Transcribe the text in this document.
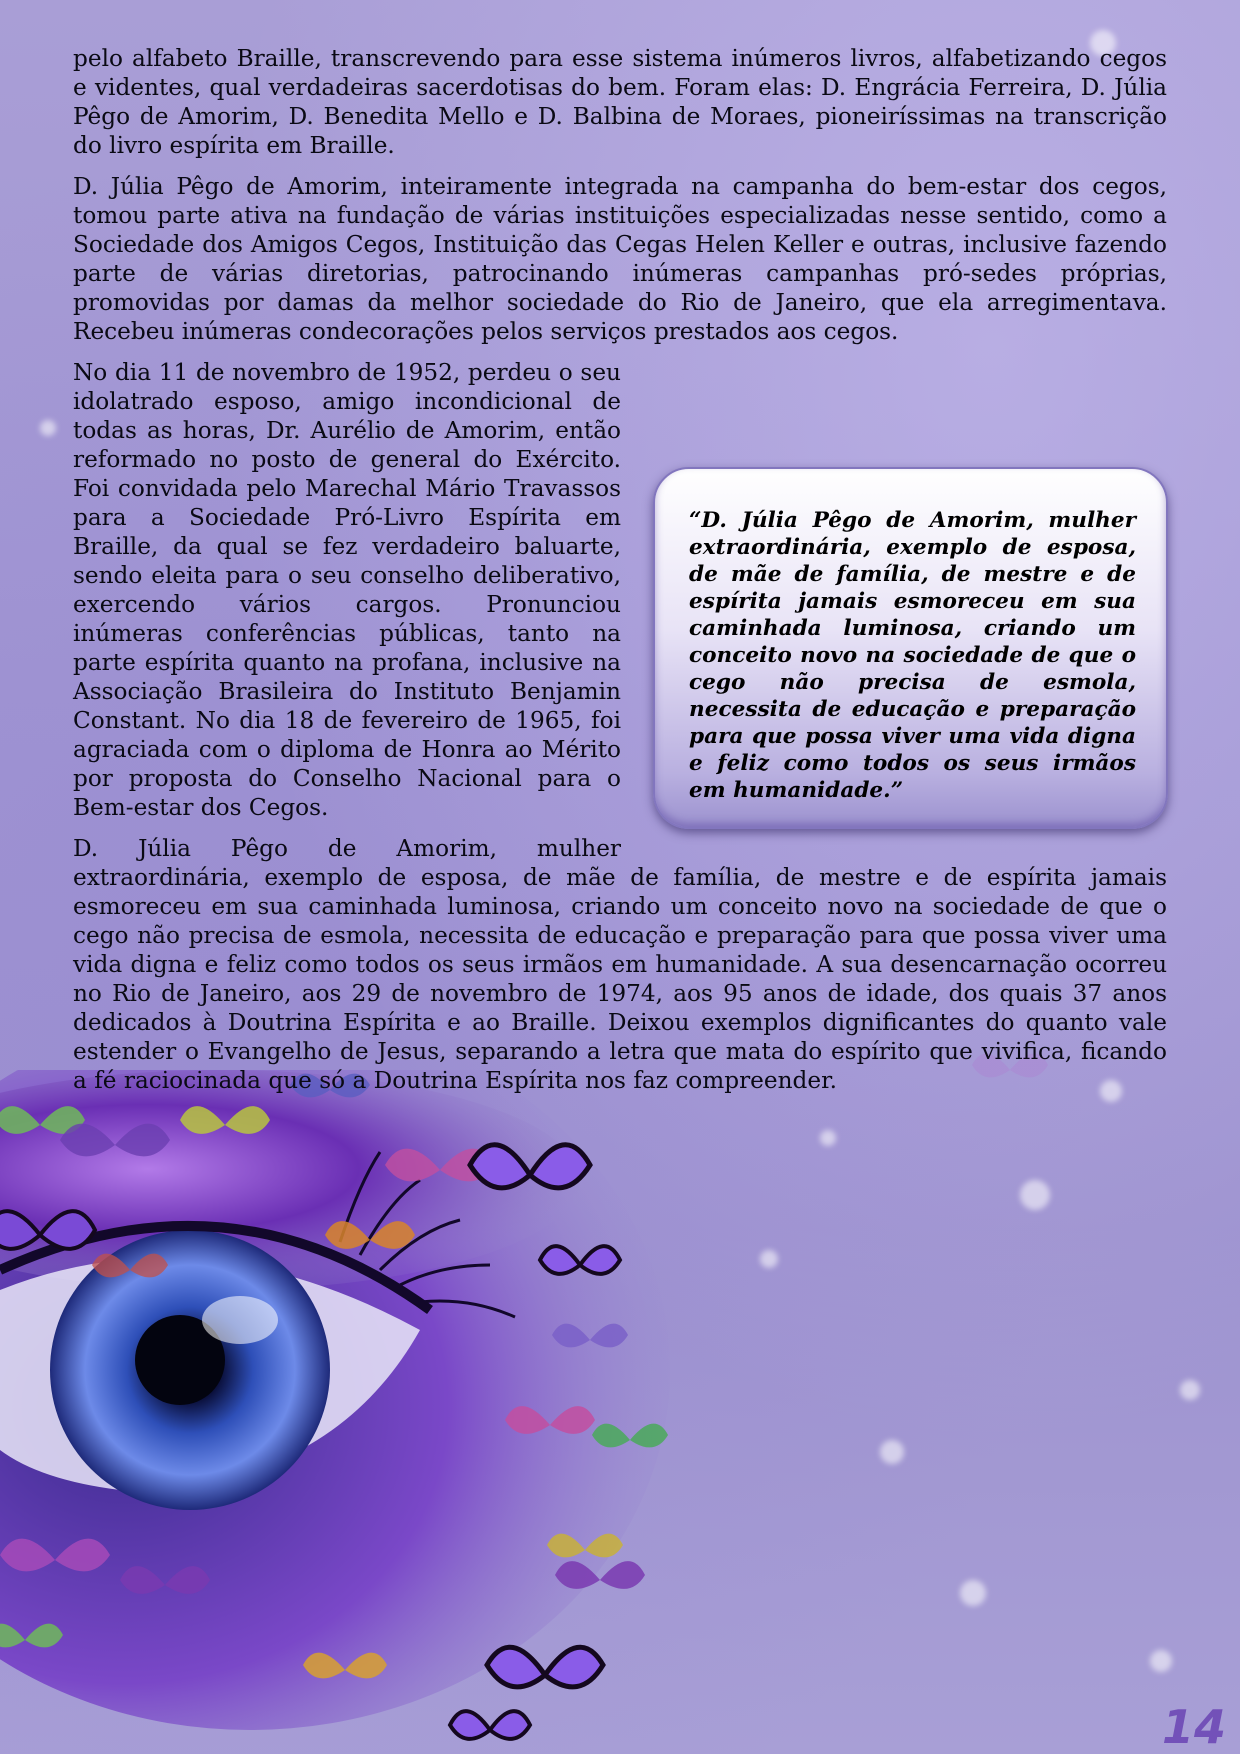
pelo alfabeto Braille, transcrevendo para esse sistema inúmeros livros, alfabetizando cegos e videntes, qual verdadeiras sacerdotisas do bem. Foram elas: D. Engrácia Ferreira, D. Júlia Pêgo de Amorim, D. Benedita Mello e D. Balbina de Moraes, pioneiríssimas na transcrição do livro espírita em Braille.

D. Júlia Pêgo de Amorim, inteiramente integrada na campanha do bem-estar dos cegos, tomou parte ativa na fundação de várias instituições especializadas nesse sentido, como a Sociedade dos Amigos Cegos, Instituição das Cegas Helen Keller e outras, inclusive fazendo parte de várias diretorias, patrocinando inúmeras campanhas pró-sedes próprias, promovidas por damas da melhor sociedade do Rio de Janeiro, que ela arregimentava. Recebeu inúmeras condecorações pelos serviços prestados aos cegos.

No dia 11 de novembro de 1952, perdeu o seu idolatrado esposo, amigo incondicional de todas as horas, Dr. Aurélio de Amorim, então reformado no posto de general do Exército. Foi convidada pelo Marechal Mário Travassos para a Sociedade Pró-Livro Espírita em Braille, da qual se fez verdadeiro baluarte, sendo eleita para o seu conselho deliberativo, exercendo vários cargos. Pronunciou inúmeras conferências públicas, tanto na parte espírita quanto na profana, inclusive na Associação Brasileira do Instituto Benjamin Constant. No dia 18 de fevereiro de 1965, foi agraciada com o diploma de Honra ao Mérito por proposta do Conselho Nacional para o Bem-estar dos Cegos.

D. Júlia Pêgo de Amorim, mulher extraordinária, exemplo de esposa, de mãe de família, de mestre e de espírita jamais esmoreceu em sua caminhada luminosa, criando um conceito novo na sociedade de que o cego não precisa de esmola, necessita de educação e preparação para que possa viver uma vida digna e feliz como todos os seus irmãos em humanidade. A sua desencarnação ocorreu no Rio de Janeiro, aos 29 de novembro de 1974, aos 95 anos de idade, dos quais 37 anos dedicados à Doutrina Espírita e ao Braille. Deixou exemplos dignificantes do quanto vale estender o Evangelho de Jesus, separando a letra que mata do espírito que vivifica, ficando a fé raciocinada que só a Doutrina Espírita nos faz compreender.

“D. Júlia Pêgo de Amorim, mulher extraordinária, exemplo de esposa, de mãe de família, de mestre e de espírita jamais esmoreceu em sua caminhada luminosa, criando um conceito novo na sociedade de que o cego não precisa de esmola, necessita de educação e preparação para que possa viver uma vida digna e feliz como todos os seus irmãos em humanidade.”
14
